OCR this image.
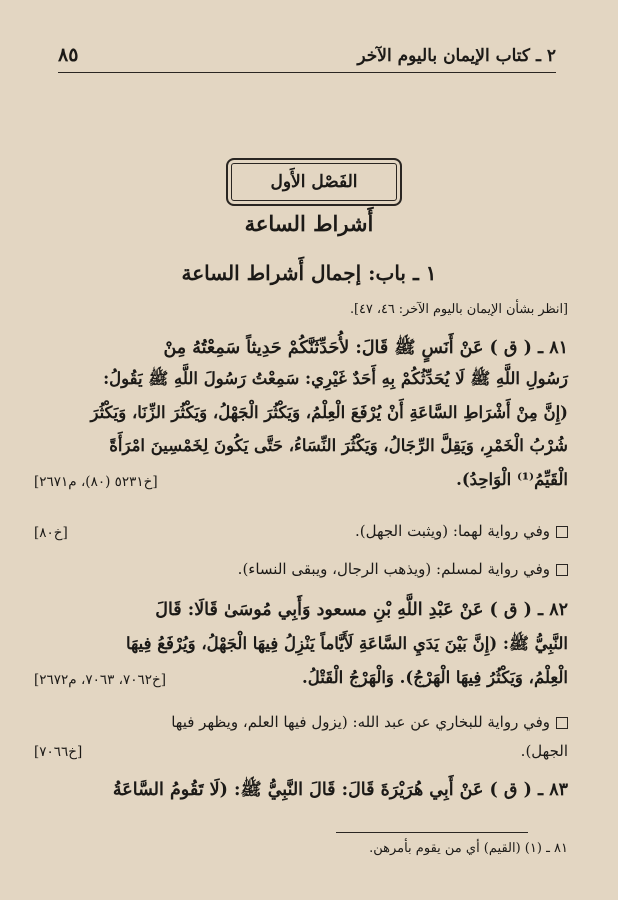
٢ ـ كتاب الإيمان باليوم الآخر
٨٥
الفَصْل الأَول
أَشراط الساعة
١ ـ باب: إجمال أَشراط الساعة
[انظر بشأن الإيمان باليوم الآخر: ٤٦، ٤٧].
٨١ ـ ( ق ) عَنْ أَنَسٍ ﷺ قَالَ: لأُحَدِّثَنَّكُمْ حَدِيثاً سَمِعْتُهُ مِنْ
رَسُولِ اللَّهِ ﷺ لَا يُحَدِّثُكُمْ بِهِ أَحَدٌ غَيْرِي: سَمِعْتُ رَسُولَ اللَّهِ ﷺ يَقُولُ:
(إِنَّ مِنْ أَشْرَاطِ السَّاعَةِ أَنْ يُرْفَعَ الْعِلْمُ، وَيَكْثُرَ الْجَهْلُ، وَيَكْثُرَ الزِّنَا، وَيَكْثُرَ
شُرْبُ الْخَمْرِ، وَيَقِلَّ الرِّجَالُ، وَيَكْثُرَ النِّسَاءُ، حَتَّى يَكُونَ لِخَمْسِينَ امْرَأَةً
الْقَيِّمُ⁽¹⁾ الْوَاحِدُ).
[خ٥٢٣١ (٨٠)، م٢٦٧١]
وفي رواية لهما: (ويثبت الجهل).
[خ٨٠]
وفي رواية لمسلم: (ويذهب الرجال، ويبقى النساء).
٨٢ ـ ( ق ) عَنْ عَبْدِ اللَّهِ بْنِ مسعود وَأَبِي مُوسَىٰ قَالَا: قَالَ
النَّبِيُّ ﷺ: (إِنَّ بَيْنَ يَدَيِ السَّاعَةِ لَأَيَّاماً يَنْزِلُ فِيهَا الْجَهْلُ، وَيُرْفَعُ فِيهَا
الْعِلْمُ، وَيَكْثُرُ فِيهَا الْهَرْجُ). وَالْهَرْجُ الْقَتْلُ.
[خ٧٠٦٢، ٧٠٦٣، م٢٦٧٢]
وفي رواية للبخاري عن عبد الله: (يزول فيها العلم، ويظهر فيها
الجهل).
[خ٧٠٦٦]
٨٣ ـ ( ق ) عَنْ أَبِي هُرَيْرَةَ قَالَ: قَالَ النَّبِيُّ ﷺ: (لَا تَقُومُ السَّاعَةُ
٨١ ـ (١) (القيم) أي من يقوم بأمرهن.
